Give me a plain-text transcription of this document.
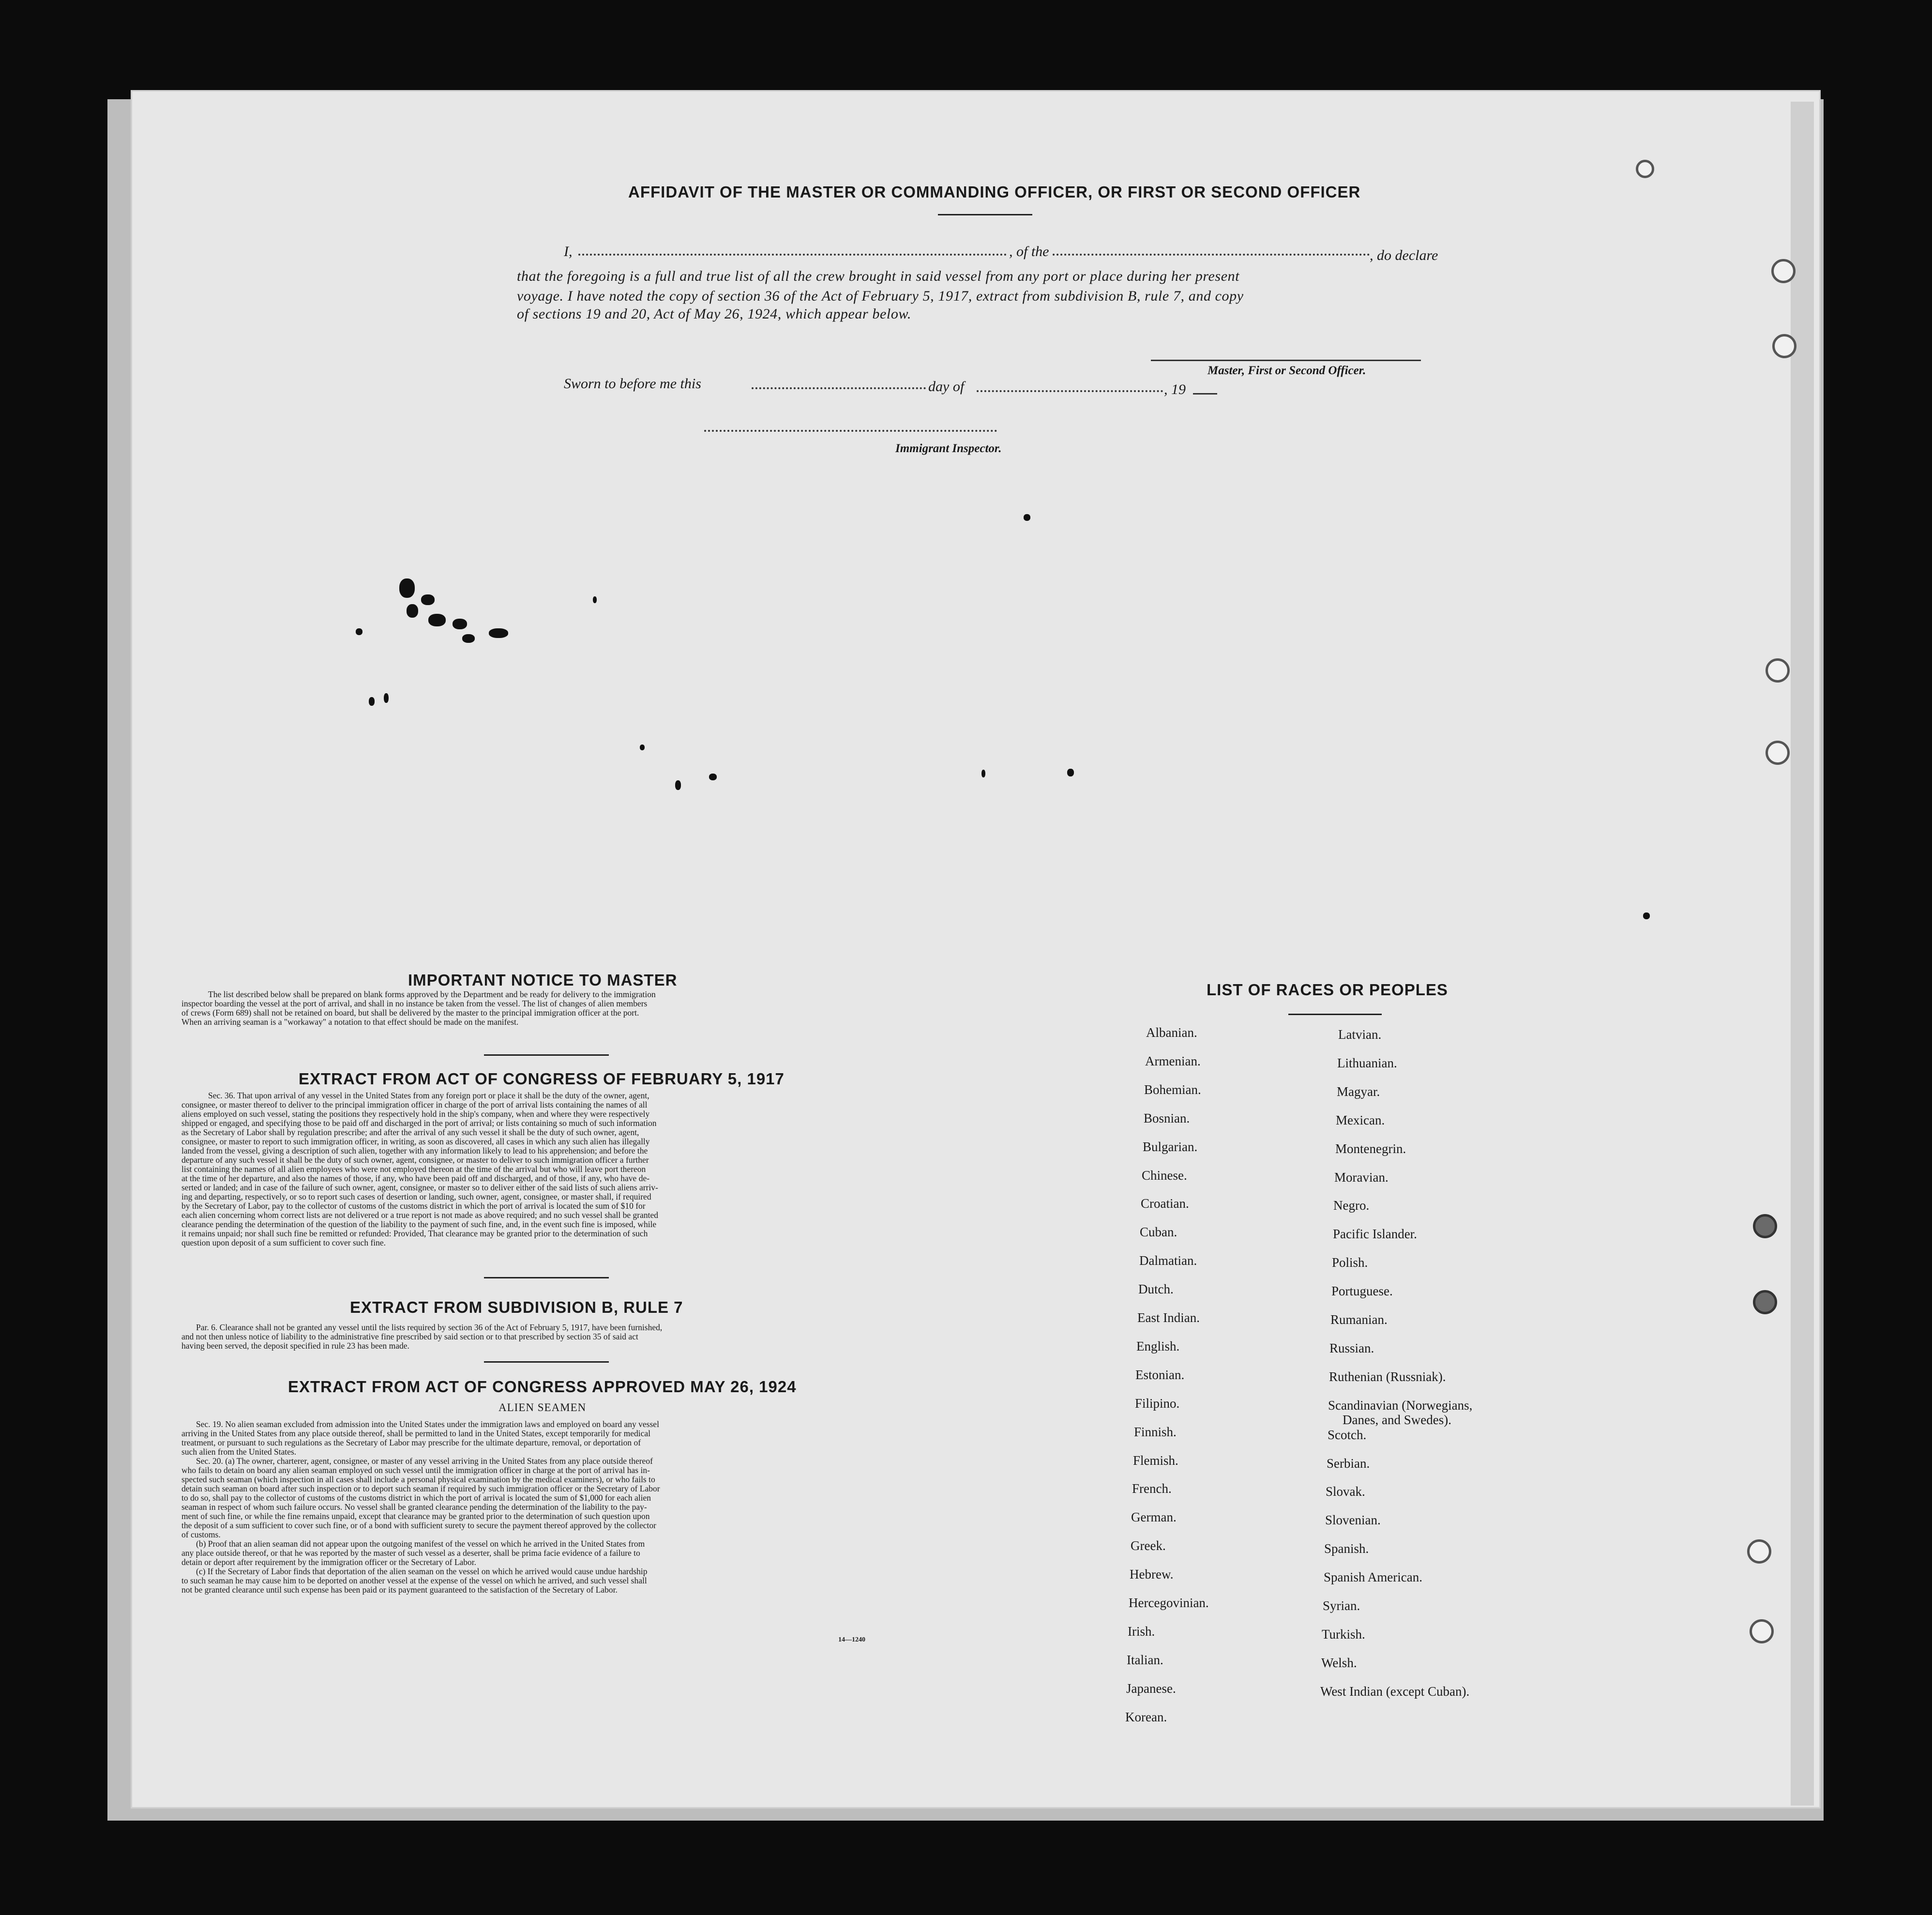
AFFIDAVIT OF THE MASTER OR COMMANDING OFFICER, OR FIRST OR SECOND OFFICER
I,	, of the	, do declare
that the foregoing is a full and true list of all the crew brought in said vessel from any port or place during her present
voyage. I have noted the copy of section 36 of the Act of February 5, 1917, extract from subdivision B, rule 7, and copy
of sections 19 and 20, Act of May 26, 1924, which appear below.
Master, First or Second Officer.
Sworn to before me this	day of	, 19
Immigrant Inspector.
IMPORTANT NOTICE TO MASTER
The list described below shall be prepared on blank forms approved by the Department and be ready for delivery to the immigration
inspector boarding the vessel at the port of arrival, and shall in no instance be taken from the vessel. The list of changes of alien members
of crews (Form 689) shall not be retained on board, but shall be delivered by the master to the principal immigration officer at the port.
When an arriving seaman is a "workaway" a notation to that effect should be made on the manifest.
EXTRACT FROM ACT OF CONGRESS OF FEBRUARY 5, 1917
Sec. 36. That upon arrival of any vessel in the United States from any foreign port or place it shall be the duty of the owner, agent,
consignee, or master thereof to deliver to the principal immigration officer in charge of the port of arrival lists containing the names of all
aliens employed on such vessel, stating the positions they respectively hold in the ship's company, when and where they were respectively
shipped or engaged, and specifying those to be paid off and discharged in the port of arrival; or lists containing so much of such information
as the Secretary of Labor shall by regulation prescribe; and after the arrival of any such vessel it shall be the duty of such owner, agent,
consignee, or master to report to such immigration officer, in writing, as soon as discovered, all cases in which any such alien has illegally
landed from the vessel, giving a description of such alien, together with any information likely to lead to his apprehension; and before the
departure of any such vessel it shall be the duty of such owner, agent, consignee, or master to deliver to such immigration officer a further
list containing the names of all alien employees who were not employed thereon at the time of the arrival but who will leave port thereon
at the time of her departure, and also the names of those, if any, who have been paid off and discharged, and of those, if any, who have de-
serted or landed; and in case of the failure of such owner, agent, consignee, or master so to deliver either of the said lists of such aliens arriv-
ing and departing, respectively, or so to report such cases of desertion or landing, such owner, agent, consignee, or master shall, if required
by the Secretary of Labor, pay to the collector of customs of the customs district in which the port of arrival is located the sum of $10 for
each alien concerning whom correct lists are not delivered or a true report is not made as above required; and no such vessel shall be granted
clearance pending the determination of the question of the liability to the payment of such fine, and, in the event such fine is imposed, while
it remains unpaid; nor shall such fine be remitted or refunded: Provided, That clearance may be granted prior to the determination of such
question upon deposit of a sum sufficient to cover such fine.
EXTRACT FROM SUBDIVISION B, RULE 7
Par. 6. Clearance shall not be granted any vessel until the lists required by section 36 of the Act of February 5, 1917, have been furnished,
and not then unless notice of liability to the administrative fine prescribed by said section or to that prescribed by section 35 of said act
having been served, the deposit specified in rule 23 has been made.
EXTRACT FROM ACT OF CONGRESS APPROVED MAY 26, 1924
ALIEN SEAMEN
Sec. 19. No alien seaman excluded from admission into the United States under the immigration laws and employed on board any vessel
arriving in the United States from any place outside thereof, shall be permitted to land in the United States, except temporarily for medical
treatment, or pursuant to such regulations as the Secretary of Labor may prescribe for the ultimate departure, removal, or deportation of
such alien from the United States.
Sec. 20. (a) The owner, charterer, agent, consignee, or master of any vessel arriving in the United States from any place outside thereof
who fails to detain on board any alien seaman employed on such vessel until the immigration officer in charge at the port of arrival has in-
spected such seaman (which inspection in all cases shall include a personal physical examination by the medical examiners), or who fails to
detain such seaman on board after such inspection or to deport such seaman if required by such immigration officer or the Secretary of Labor
to do so, shall pay to the collector of customs of the customs district in which the port of arrival is located the sum of $1,000 for each alien
seaman in respect of whom such failure occurs. No vessel shall be granted clearance pending the determination of the liability to the pay-
ment of such fine, or while the fine remains unpaid, except that clearance may be granted prior to the determination of such question upon
the deposit of a sum sufficient to cover such fine, or of a bond with sufficient surety to secure the payment thereof approved by the collector
of customs.
(b) Proof that an alien seaman did not appear upon the outgoing manifest of the vessel on which he arrived in the United States from
any place outside thereof, or that he was reported by the master of such vessel as a deserter, shall be prima facie evidence of a failure to
detain or deport after requirement by the immigration officer or the Secretary of Labor.
(c) If the Secretary of Labor finds that deportation of the alien seaman on the vessel on which he arrived would cause undue hardship
to such seaman he may cause him to be deported on another vessel at the expense of the vessel on which he arrived, and such vessel shall
not be granted clearance until such expense has been paid or its payment guaranteed to the satisfaction of the Secretary of Labor.
14—1240
LIST OF RACES OR PEOPLES
Albanian.
Armenian.
Bohemian.
Bosnian.
Bulgarian.
Chinese.
Croatian.
Cuban.
Dalmatian.
Dutch.
East Indian.
English.
Estonian.
Filipino.
Finnish.
Flemish.
French.
German.
Greek.
Hebrew.
Hercegovinian.
Irish.
Italian.
Japanese.
Korean.
Latvian.
Lithuanian.
Magyar.
Mexican.
Montenegrin.
Moravian.
Negro.
Pacific Islander.
Polish.
Portuguese.
Rumanian.
Russian.
Ruthenian (Russniak).
Scandinavian (Norwegians,
Danes, and Swedes).
Scotch.
Serbian.
Slovak.
Slovenian.
Spanish.
Spanish American.
Syrian.
Turkish.
Welsh.
West Indian (except Cuban).
